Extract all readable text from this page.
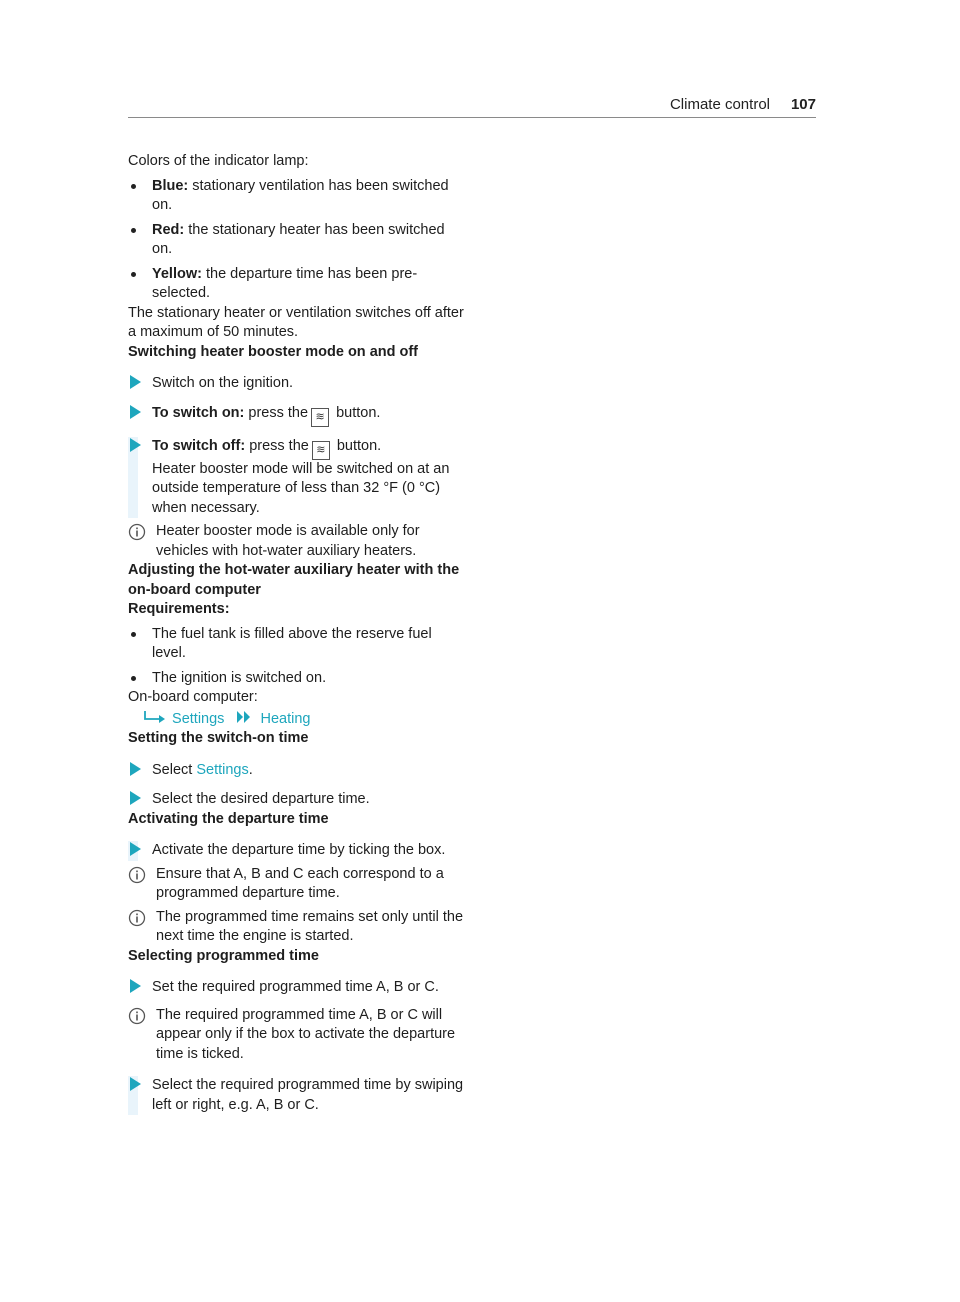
Climate control 107

Colors of the indicator lamp:

Blue: stationary ventilation has been switched on.
Red: the stationary heater has been switched on.
Yellow: the departure time has been pre-selected.

The stationary heater or ventilation switches off after a maximum of 50 minutes.

Switching heater booster mode on and off

Switch on the ignition.
To switch on: press the ≋ button.
To switch off: press the ≋ button.
Heater booster mode will be switched on at an outside temperature of less than 32 °F (0 °C) when necessary.
Heater booster mode is available only for vehicles with hot-water auxiliary heaters.

Adjusting the hot-water auxiliary heater with the on-board computer

Requirements:

The fuel tank is filled above the reserve fuel level.
The ignition is switched on.

On-board computer:

Settings Heating

Setting the switch-on time

Select Settings.
Select the desired departure time.

Activating the departure time

Activate the departure time by ticking the box.
Ensure that A, B and C each correspond to a programmed departure time.
The programmed time remains set only until the next time the engine is started.

Selecting programmed time

Set the required programmed time A, B or C.
The required programmed time A, B or C will appear only if the box to activate the departure time is ticked.
Select the required programmed time by swiping left or right, e.g. A, B or C.
